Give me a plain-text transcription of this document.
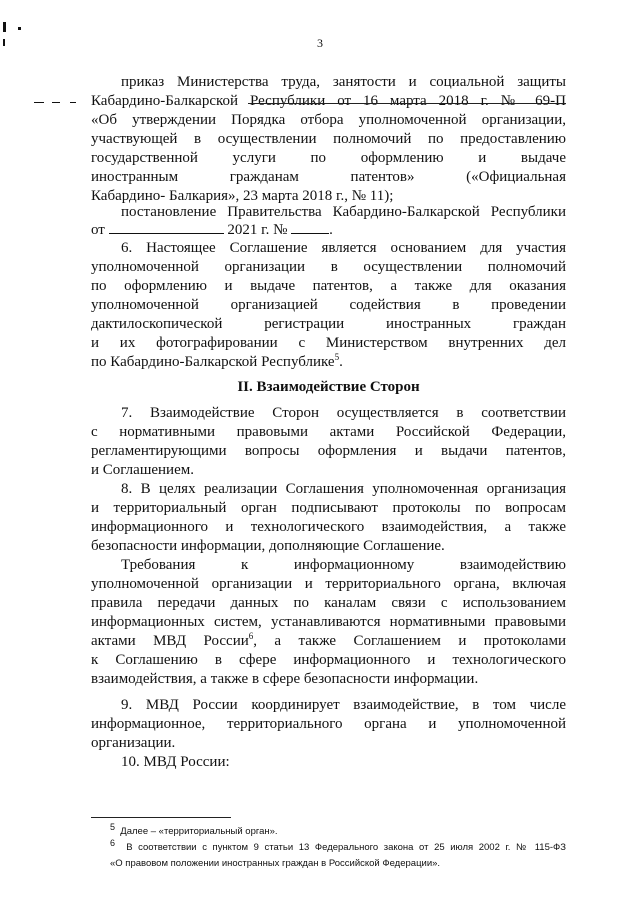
3
приказ Министерства труда, занятости и социальной защиты
Кабардино-Балкарской Республики от 16 марта 2018 г. № 69-П
«Об утверждении Порядка отбора уполномоченной организации,
участвующей в осуществлении полномочий по предоставлению
государственной услуги по оформлению и выдаче
иностранным гражданам патентов» («Официальная
Кабардино- Балкария», 23 марта 2018 г., № 11);
постановление Правительства Кабардино-Балкарской Республики
от	2021 г. №	.
6. Настоящее Соглашение является основанием для участия
уполномоченной организации в осуществлении полномочий
по оформлению и выдаче патентов, а также для оказания
уполномоченной организацией содействия в проведении
дактилоскопической регистрации иностранных граждан
и их фотографировании с Министерством внутренних дел
по Кабардино-Балкарской Республике$^5$.
II. Взаимодействие Сторон
7. Взаимодействие Сторон осуществляется в соответствии
с нормативными правовыми актами Российской Федерации,
регламентирующими вопросы оформления и выдачи патентов,
и Соглашением.
8. В целях реализации Соглашения уполномоченная организация
и территориальный орган подписывают протоколы по вопросам
информационного и технологического взаимодействия, а также
безопасности информации, дополняющие Соглашение.
Требования к информационному взаимодействию
уполномоченной организации и территориального органа, включая
правила передачи данных по каналам связи с использованием
информационных систем, устанавливаются нормативными правовыми
актами МВД России$^6$, а также Соглашением и протоколами
к Соглашению в сфере информационного и технологического
взаимодействия, а также в сфере безопасности информации.
9. МВД России координирует взаимодействие, в том числе
информационное, территориального органа и уполномоченной
организации.
10. МВД России:
$^5$ Далее – «территориальный орган».
$^6$ В соответствии с пунктом 9 статьи 13 Федерального закона от 25 июля 2002 г. № 115-ФЗ
«О правовом положении иностранных граждан в Российской Федерации».
